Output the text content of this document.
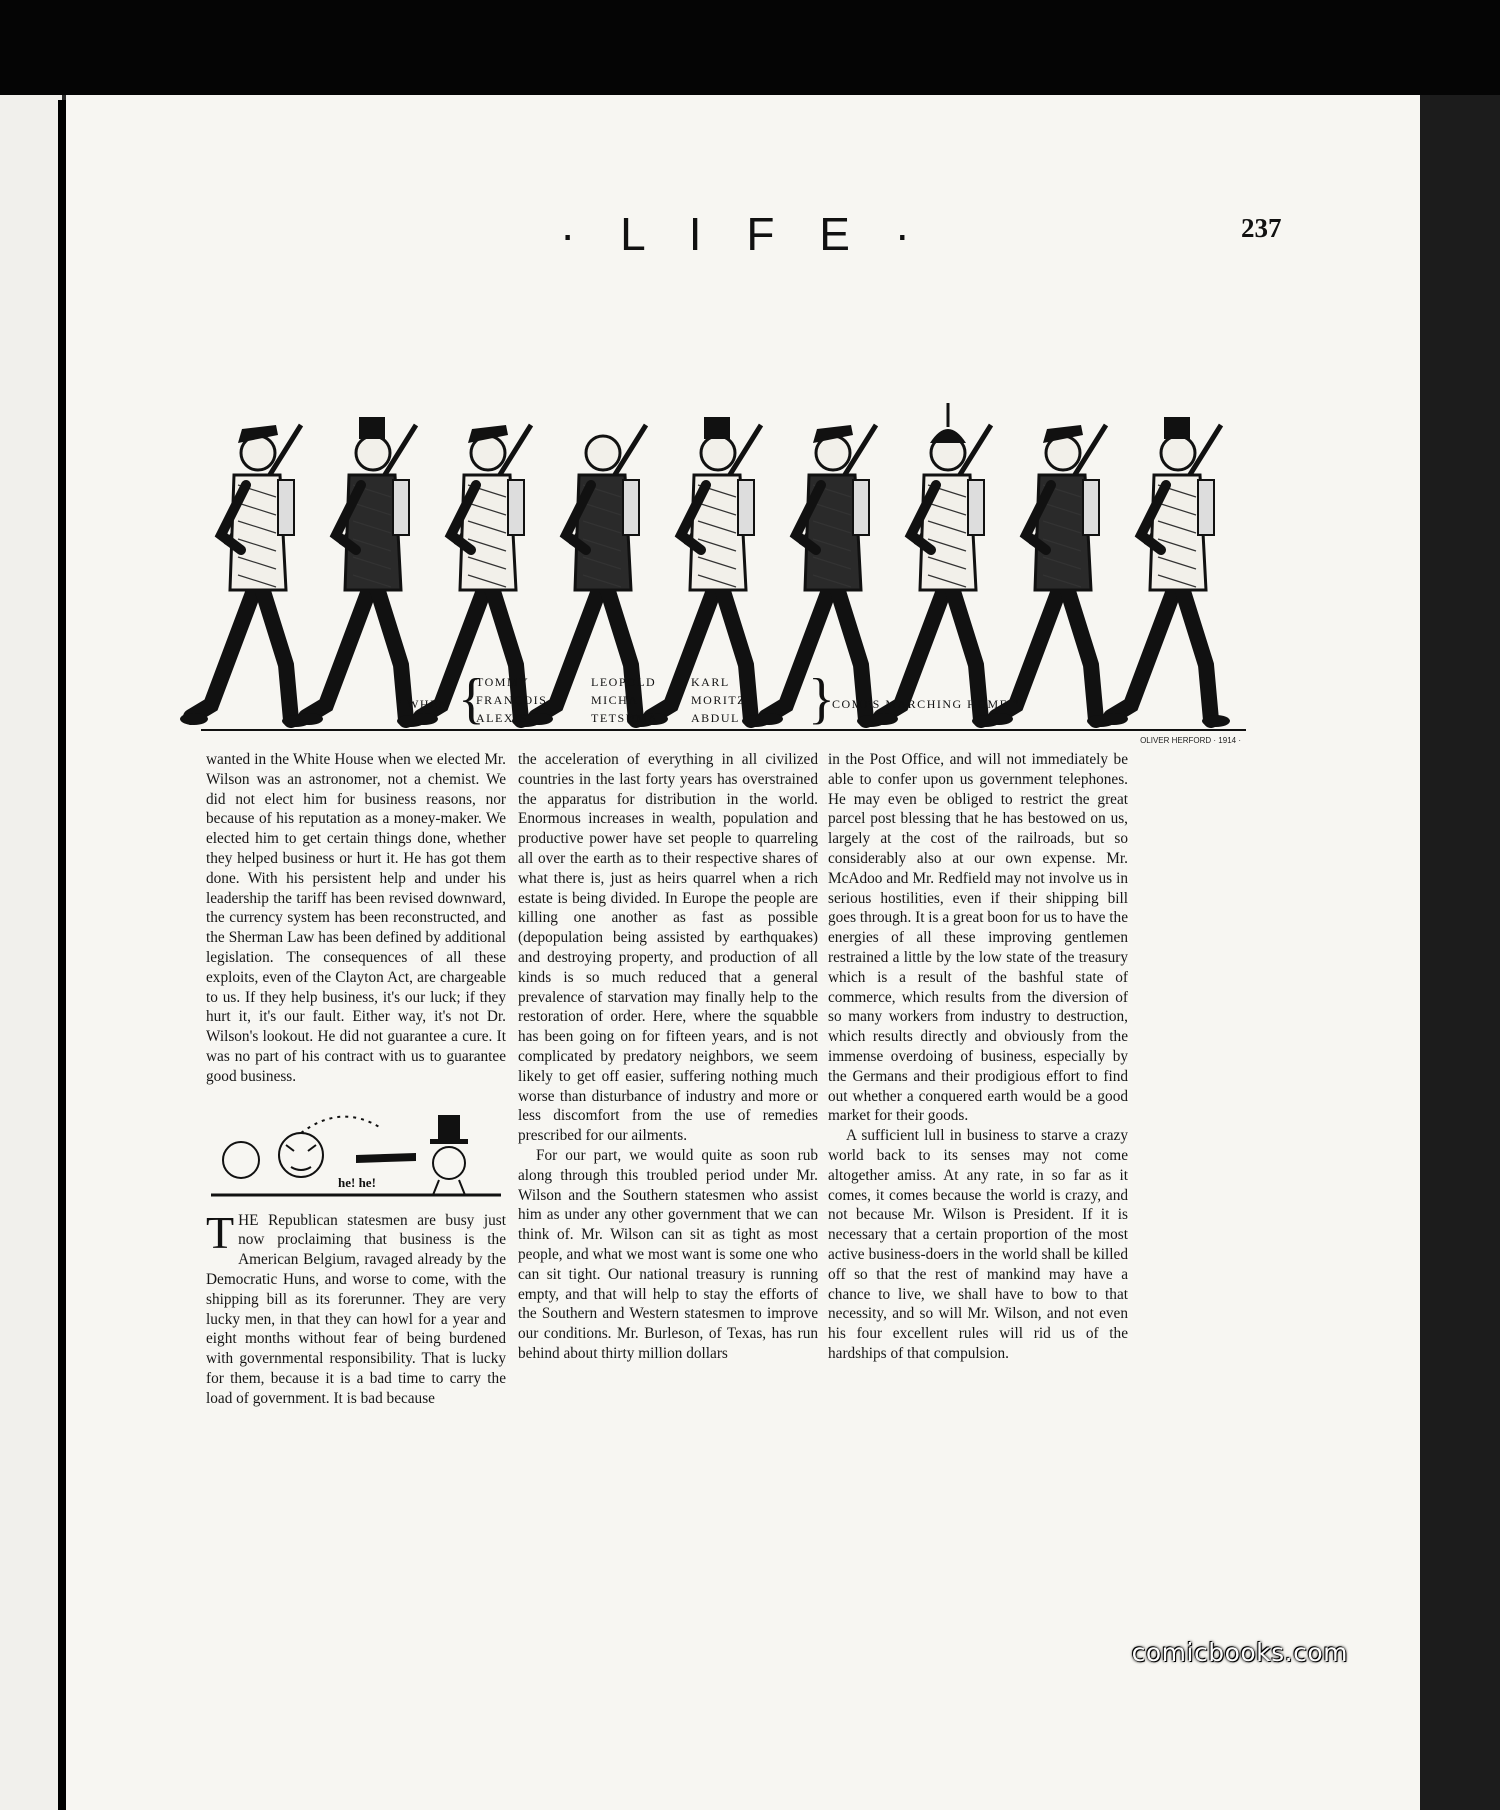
· L I F E ·	237
OLIVER HERFORD · 1914 ·
“ WHEN {
TOMMY	LEOPOLD	KARL
FRANÇOIS	MICHA	MORITZ
ALEXIS	TETSUMA	ABDUL	}
COMES MARCHING HOME ”

wanted in the White House when we elected Mr. Wilson was an astronomer, not a chemist. We did not elect him for business reasons, nor because of his reputation as a money-maker. We elected him to get certain things done, whether they helped business or hurt it. He has got them done. With his persistent help and under his leadership the tariff has been revised downward, the currency system has been reconstructed, and the Sherman Law has been defined by additional legislation. The consequences of all these exploits, even of the Clayton Act, are chargeable to us. If they help business, it's our luck; if they hurt it, it's our fault. Either way, it's not Dr. Wilson's lookout. He did not guarantee a cure. It was no part of his contract with us to guarantee good business.

he! he!

THE Republican statesmen are busy just now proclaiming that business is the American Belgium, ravaged already by the Democratic Huns, and worse to come, with the shipping bill as its forerunner. They are very lucky men, in that they can howl for a year and eight months without fear of being burdened with governmental responsibility. That is lucky for them, because it is a bad time to carry the load of government. It is bad because

the acceleration of everything in all civilized countries in the last forty years has overstrained the apparatus for distribution in the world. Enormous increases in wealth, population and productive power have set people to quarreling all over the earth as to their respective shares of what there is, just as heirs quarrel when a rich estate is being divided. In Europe the people are killing one another as fast as possible (depopulation being assisted by earthquakes) and destroying property, and production of all kinds is so much reduced that a general prevalence of starvation may finally help to the restoration of order. Here, where the squabble has been going on for fifteen years, and is not complicated by predatory neighbors, we seem likely to get off easier, suffering nothing much worse than disturbance of industry and more or less discomfort from the use of remedies prescribed for our ailments.

For our part, we would quite as soon rub along through this troubled period under Mr. Wilson and the Southern statesmen who assist him as under any other government that we can think of. Mr. Wilson can sit as tight as most people, and what we most want is some one who can sit tight. Our national treasury is running empty, and that will help to stay the efforts of the Southern and Western statesmen to improve our conditions. Mr. Burleson, of Texas, has run behind about thirty million dollars

in the Post Office, and will not immediately be able to confer upon us government telephones. He may even be obliged to restrict the great parcel post blessing that he has bestowed on us, largely at the cost of the railroads, but so considerably also at our own expense. Mr. McAdoo and Mr. Redfield may not involve us in serious hostilities, even if their shipping bill goes through. It is a great boon for us to have the energies of all these improving gentlemen restrained a little by the low state of the treasury which is a result of the bashful state of commerce, which results from the diversion of so many workers from industry to destruction, which results directly and obviously from the immense overdoing of business, especially by the Germans and their prodigious effort to find out whether a conquered earth would be a good market for their goods.

A sufficient lull in business to starve a crazy world back to its senses may not come altogether amiss. At any rate, in so far as it comes, it comes because the world is crazy, and not because Mr. Wilson is President. If it is necessary that a certain proportion of the most active business-doers in the world shall be killed off so that the rest of mankind may have a chance to live, we shall have to bow to that necessity, and so will Mr. Wilson, and not even his four excellent rules will rid us of the hardships of that compulsion.

comicbooks.com
